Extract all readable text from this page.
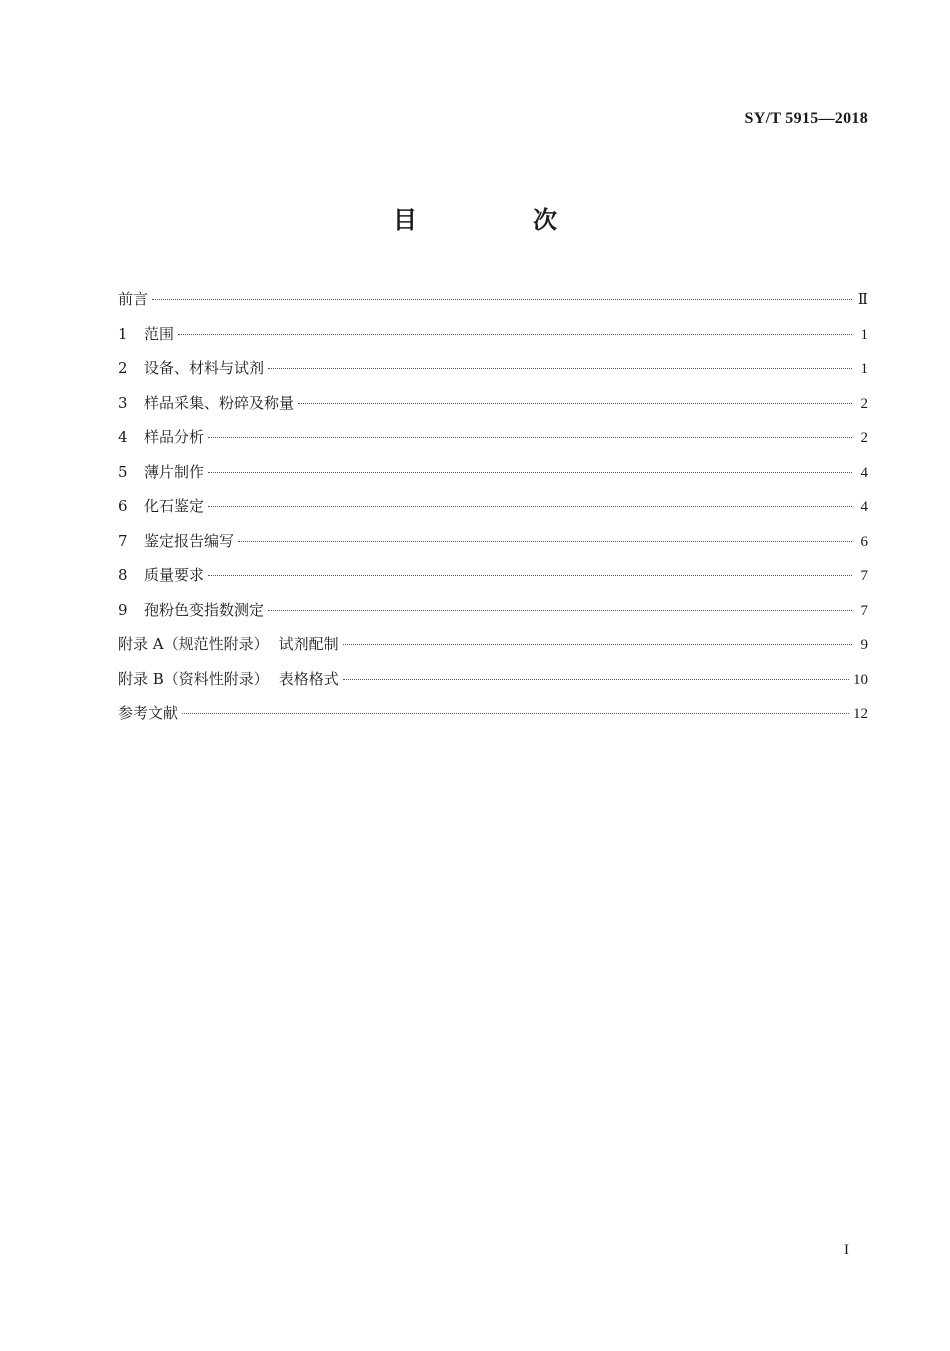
SY/T 5915—2018
目　次
前言	Ⅱ
1	范围	1
2	设备、材料与试剂	1
3	样品采集、粉碎及称量	2
4	样品分析	2
5	薄片制作	4
6	化石鉴定	4
7	鉴定报告编写	6
8	质量要求	7
9	孢粉色变指数测定	7
附录 A（规范性附录） 试剂配制	9
附录 B（资料性附录） 表格格式	10
参考文献	12
I
